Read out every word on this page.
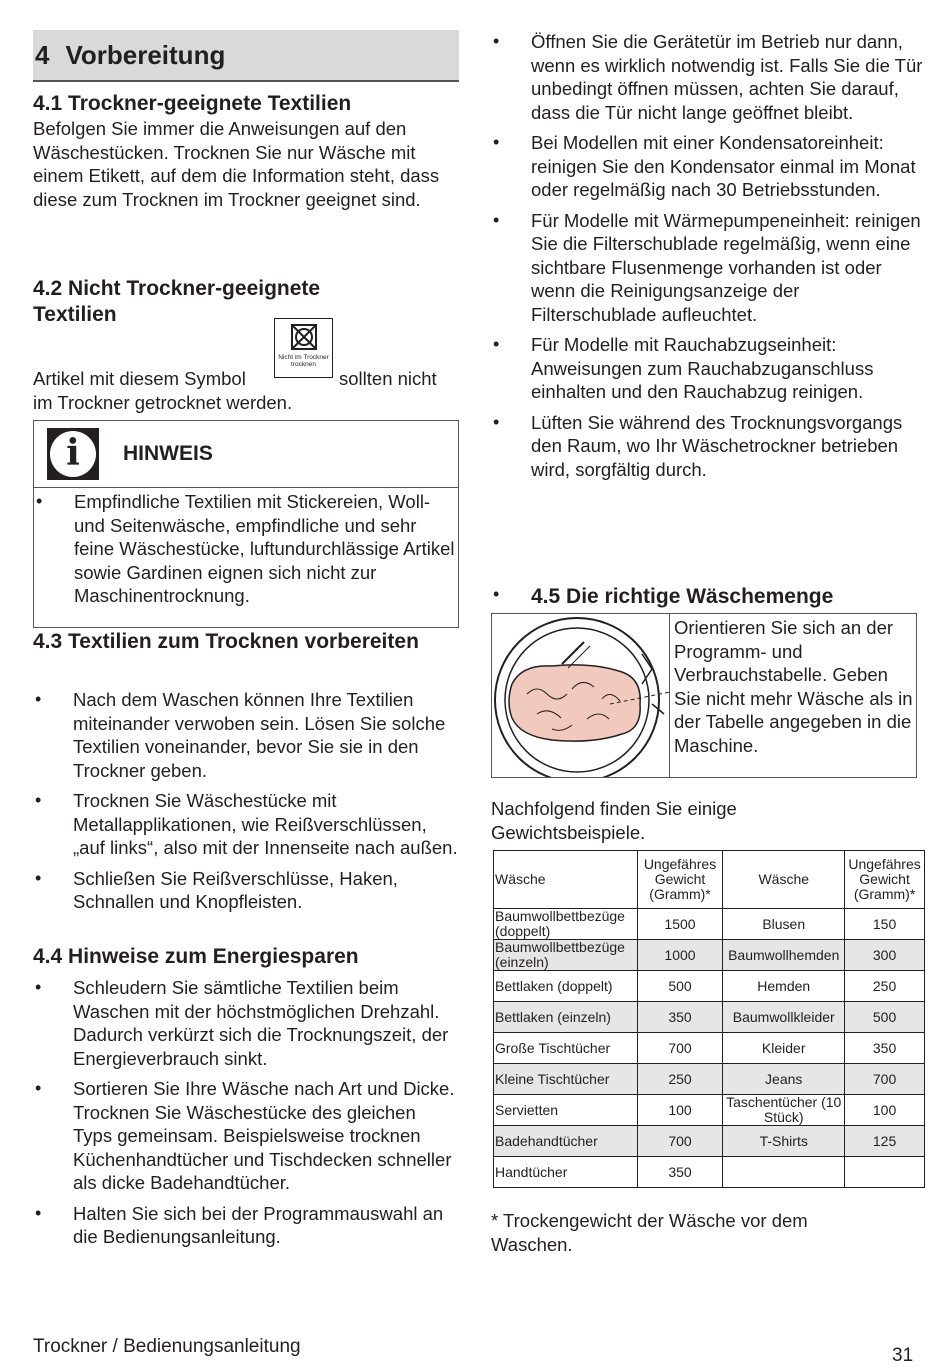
4 Vorbereitung
4.1 Trockner-geeignete Textilien

Befolgen Sie immer die Anweisungen auf den Wäschestücken. Trocknen Sie nur Wäsche mit einem Etikett, auf dem die Information steht, dass diese zum Trocknen im Trockner geeignet sind.

4.2 Nicht Trockner-geeignete Textilien
Nicht im Trockner trocknen
Artikel mit diesem Symbol	sollten nicht
im Trockner getrocknet werden.
i	HINWEIS
• Empfindliche Textilien mit Stickereien, Woll- und Seitenwäsche, empfindliche und sehr feine Wäschestücke, luftundurchlässige Artikel sowie Gardinen eignen sich nicht zur Maschinentrocknung.
4.3 Textilien zum Trocknen vorbereiten
• Nach dem Waschen können Ihre Textilien miteinander verwoben sein. Lösen Sie solche Textilien voneinander, bevor Sie sie in den Trockner geben.
• Trocknen Sie Wäschestücke mit Metallapplikationen, wie Reißverschlüssen, „auf links“, also mit der Innenseite nach außen.
• Schließen Sie Reißverschlüsse, Haken, Schnallen und Knopfleisten.
4.4 Hinweise zum Energiesparen
• Schleudern Sie sämtliche Textilien beim Waschen mit der höchstmöglichen Drehzahl. Dadurch verkürzt sich die Trocknungszeit, der Energieverbrauch sinkt.
• Sortieren Sie Ihre Wäsche nach Art und Dicke. Trocknen Sie Wäschestücke des gleichen Typs gemeinsam. Beispielsweise trocknen Küchenhandtücher und Tischdecken schneller als dicke Badehandtücher.
• Halten Sie sich bei der Programmauswahl an die Bedienungsanleitung.
• Öffnen Sie die Gerätetür im Betrieb nur dann, wenn es wirklich notwendig ist. Falls Sie die Tür unbedingt öffnen müssen, achten Sie darauf, dass die Tür nicht lange geöffnet bleibt.
• Bei Modellen mit einer Kondensatoreinheit: reinigen Sie den Kondensator einmal im Monat oder regelmäßig nach 30 Betriebsstunden.
• Für Modelle mit Wärmepumpeneinheit: reinigen Sie die Filterschublade regelmäßig, wenn eine sichtbare Flusenmenge vorhanden ist oder wenn die Reinigungsanzeige der Filterschublade aufleuchtet.
• Für Modelle mit Rauchabzugseinheit: Anweisungen zum Rauchabzuganschluss einhalten und den Rauchabzug reinigen.
• Lüften Sie während des Trocknungsvorgangs den Raum, wo Ihr Wäschetrockner betrieben wird, sorgfältig durch.
• 4.5 Die richtige Wäschemenge
Orientieren Sie sich an der Programm- und Verbrauchstabelle. Geben Sie nicht mehr Wäsche als in der Tabelle angegeben in die Maschine.

Nachfolgend finden Sie einige Gewichtsbeispiele.

Wäsche	Ungefähres Gewicht (Gramm)*	Wäsche	Ungefähres Gewicht (Gramm)*
Baumwollbettbezüge (doppelt)	1500	Blusen	150
Baumwollbettbezüge (einzeln)	1000	Baumwollhemden	300
Bettlaken (doppelt)	500	Hemden	250
Bettlaken (einzeln)	350	Baumwollkleider	500
Große Tischtücher	700	Kleider	350
Kleine Tischtücher	250	Jeans	700
Servietten	100	Taschentücher (10 Stück)	100
Badehandtücher	700	T-Shirts	125
Handtücher	350		

* Trockengewicht der Wäsche vor dem Waschen.

Trockner / Bedienungsanleitung	31
